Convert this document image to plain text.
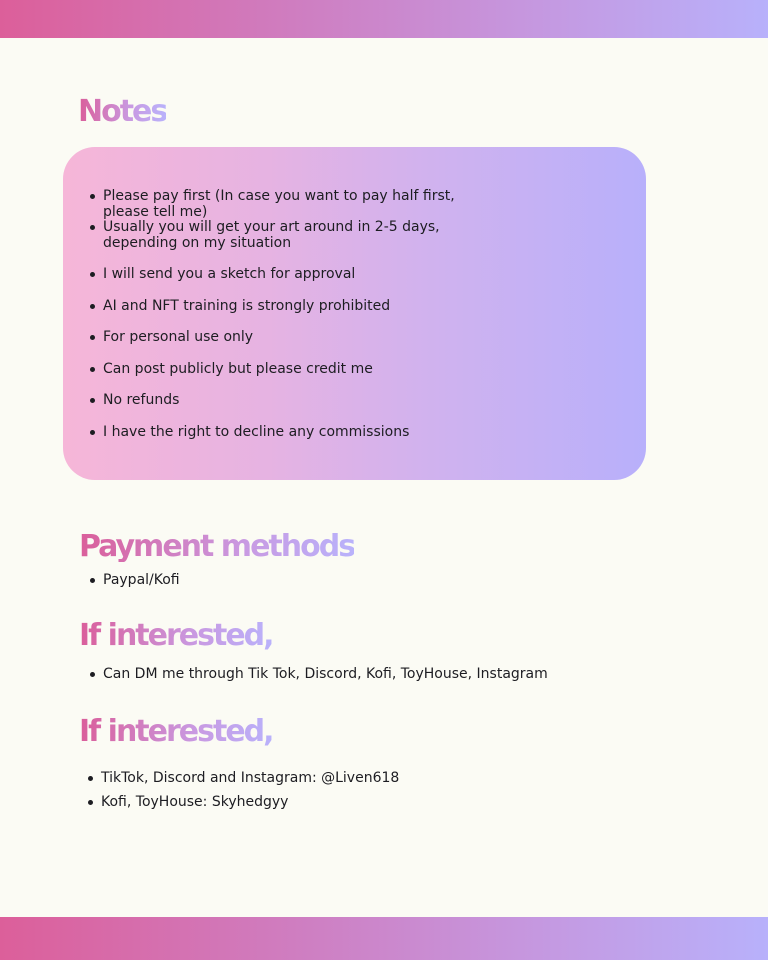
Notes
Please pay first (In case you want to pay half first, please tell me)
Usually you will get your art around in 2-5 days, depending on my situation
I will send you a sketch for approval
AI and NFT training is strongly prohibited
For personal use only
Can post publicly but please credit me
No refunds
I have the right to decline any commissions
Payment methods
Paypal/Kofi
If interested,
Can DM me through Tik Tok, Discord, Kofi, ToyHouse, Instagram
If interested,
TikTok, Discord and Instagram: @Liven618
Kofi, ToyHouse: Skyhedgyy
